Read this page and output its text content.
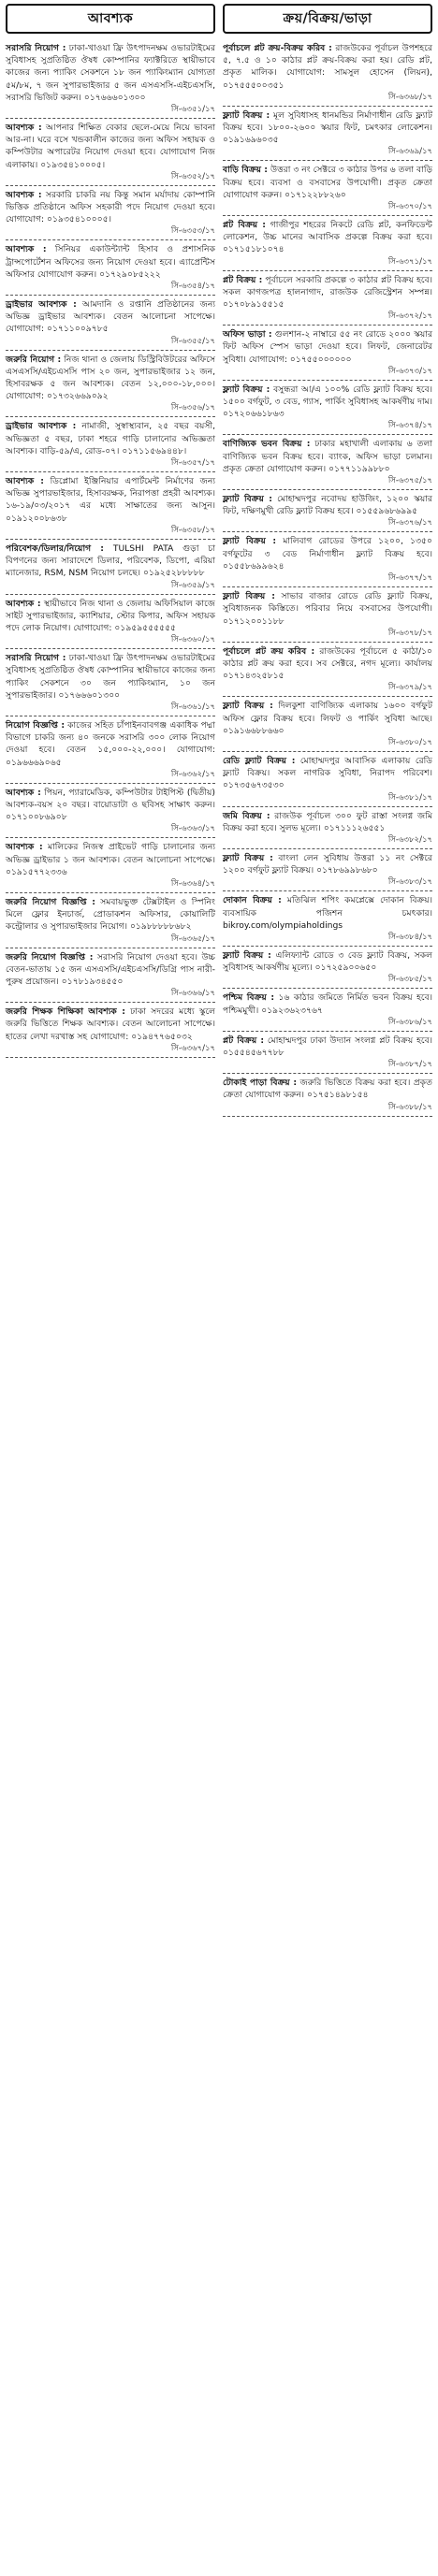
আবশ্যক

সরাসরি নিয়োগ : ঢাকা-খাওয়া ফ্রি উৎপাদনক্ষম ওভারটাইমের সুবিধাসহ সুপ্রতিষ্ঠিত ঔষধ কোম্পানির ফ্যাক্টরিতে স্থায়ীভাবে কাজের জন্য প্যাকিং সেকশনে ১৮ জন প্যাকিংম্যান যোগ্যতা ৫ম/৮ম, ৭ জন সুপারভাইজার ৫ জন এসএসসি-এইচএসসি, সরাসরি ভিজিট করুন। ০১৭৬৬৬০১৩০০
সি-৬৩৫১/১৭

আবশ্যক : আপনার শিক্ষিত বেকার ছেলে-মেয়ে নিয়ে ভাবনা আর-না। ঘরে বসে খন্ডকালীন কাজের জন্য অফিস সহায়ক ও কম্পিউটার অপারেটর নিয়োগ দেওয়া হবে। যোগাযোগ নিজ এলাকায়। ০১৯৩৫৪১০০০৫।
সি-৬৩৫২/১৭

আবশ্যক : সরকারি চাকরি নয় কিন্তু সমান মর্যাদায় কোম্পানি ভিত্তিক প্রতিষ্ঠানে অফিস সহকারী পদে নিয়োগ দেওয়া হবে। যোগাযোগ: ০১৯৩৫৪১০০০৫।
সি-৬৩৫৩/১৭

আবশ্যক : সিনিয়র একাউন্ট্যান্ট হিসাব ও প্রশাসনিক ট্রান্সপোর্টেশন অফিসের জন্য নিয়োগ দেওয়া হবে। এ্যাপ্রেন্টিস অফিসার যোগাযোগ করুন। ০১৭২৯০৮৫২২২
সি-৬৩৫৪/১৭

ড্রাইভার আবশ্যক : আমদানি ও রপ্তানি প্রতিষ্ঠানের জন্য অভিজ্ঞ ড্রাইভার আবশ্যক। বেতন আলোচনা সাপেক্ষে। যোগাযোগ: ০১৭১১০০৯৭৮৫
সি-৬৩৫৫/১৭

জরুরি নিয়োগ : নিজ থানা ও জেলায় ডিস্ট্রিবিউটরের অফিসে এসএসসি/এইচএসসি পাস ২০ জন, সুপারভাইজার ১২ জন, হিসাবরক্ষক ৫ জন আবশ্যক। বেতন ১২,০০০-১৮,০০০। যোগাযোগ: ০১৭৩২৬৬৯০৯২
সি-৬৩৫৬/১৭

ড্রাইভার আবশ্যক : নামাজী, সুস্বাস্থ্যবান, ২৫ বছর বয়সী, অভিজ্ঞতা ৫ বছর, ঢাকা শহরে গাড়ি চালানোর অভিজ্ঞতা আবশ্যক। বাড়ি-৫৯/এ, রোড-০৭। ০১৭১১৫৬৯৪৪৮।
সি-৬৩৫৭/১৭

আবশ্যক : ডিপ্লোমা ইঞ্জিনিয়ার এপার্টমেন্ট নির্মাণের জন্য অভিজ্ঞ সুপারভাইজার, হিসাবরক্ষক, নিরাপত্তা প্রহরী আবশ্যক। ১৬-১৯/০৩/২০১৭ এর মধ্যে সাক্ষাতের জন্য আসুন। ০১৯১২০০৮৬৩৮
সি-৬৩৫৮/১৭

পরিবেশক/ডিলার/নিয়োগ : TULSHI PATA গুড়া চা বিপণনের জন্য সারাদেশে ডিলার, পরিবেশক, ডিপো, এরিয়া ম্যানেজার, RSM, NSM নিয়োগ চলছে। ০১৯২৫২৮৮৮৮৮
সি-৬৩৫৯/১৭

আবশ্যক : স্থায়ীভাবে নিজ থানা ও জেলায় অফিসিয়াল কাজে সাইট সুপারভাইজার, ক্যাশিয়ার, স্টোর কিপার, অফিস সহায়ক পদে লোক নিয়োগ। যোগাযোগ: ০১৯৫৯৫৫৫৫৫৫
সি-৬৩৬০/১৭

সরাসরি নিয়োগ : ঢাকা-খাওয়া ফ্রি উৎপাদনক্ষম ওভারটাইমের সুবিধাসহ সুপ্রতিষ্ঠিত ঔষধ কোম্পানির স্থায়ীভাবে কাজের জন্য প্যাকিং সেকশনে ৩০ জন প্যাকিংম্যান, ১০ জন সুপারভাইজার। ০১৭৬৬৬০১৩০০
সি-৬৩৬১/১৭

নিয়োগ বিজ্ঞপ্তি : কাজের সহিত চাঁপাইনবাবগঞ্জ একাধিক পদ্মা বিভাগে চাকরি জন্য ৪০ জনকে সরাসরি ৩০০ লোক নিয়োগ দেওয়া হবে। বেতন ১৫,০০০-২২,০০০। যোগাযোগ: ০১৯৬৬৬৯০৬৫
সি-৬৩৬২/১৭

আবশ্যক : পিয়ন, প্যারামেডিক, কম্পিউটার টাইপিস্ট (দ্বিতীয়) আবশ্যক-বয়স ২০ বছর। বায়োডাটা ও ছবিসহ সাক্ষাৎ করুন। ০১৭১০০৮৬৯০৮
সি-৬৩৬৩/১৭

আবশ্যক : মালিকের নিজস্ব প্রাইভেট গাড়ি চালানোর জন্য অভিজ্ঞ ড্রাইভার ১ জন আবশ্যক। বেতন আলোচনা সাপেক্ষে। ০১৯১৫৭৭২৩৩৬
সি-৬৩৬৪/১৭

জরুরি নিয়োগ বিজ্ঞপ্তি : সমবায়ভুক্ত টেক্সটাইল ও স্পিনিং মিলে ফ্লোর ইনচার্জ, প্রোডাকশন অফিসার, কোয়ালিটি কন্ট্রোলার ও সুপারভাইজার নিয়োগ। ০১৯৮৮৮৮৮৬৮২
সি-৬৩৬৫/১৭

জরুরি নিয়োগ বিজ্ঞপ্তি : সরাসরি নিয়োগ দেওয়া হবে। উচ্চ বেতন-ভাতায় ১৫ জন এসএসসি/এইচএসসি/ডিগ্রি পাস নারী-পুরুষ প্রয়োজন। ০১৭৮১৯৩৪৫৫০
সি-৬৩৬৬/১৭

জরুরি শিক্ষক শিক্ষিকা আবশ্যক : ঢাকা সদরের মধ্যে স্কুলে জরুরি ভিত্তিতে শিক্ষক আবশ্যক। বেতন আলোচনা সাপেক্ষে। হাতের লেখা দরখাস্ত সহ যোগাযোগ: ০১৯৪৭৭৬৫০৩২
সি-৬৩৬৭/১৭

ক্রয়/বিক্রয়/ভাড়া

পূর্বাচলে প্লট ক্রয়-বিক্রয় করিব : রাজউকের পূর্বাচল উপশহরে ৫, ৭.৫ ও ১০ কাঠার প্লট ক্রয়-বিক্রয় করা হয়। রেডি প্লট, প্রকৃত মালিক। যোগাযোগ: সামসুল হোসেন (লিয়ন), ০১৭৫৫৫০০৩৫১
সি-৬৩৬৮/১৭

ফ্ল্যাট বিক্রয় : মূল সুবিধাসহ ধানমন্ডির নির্মাণাধীন রেডি ফ্ল্যাট বিক্রয় হবে। ১৮০০-২৬০০ স্কয়ার ফিট, চমৎকার লোকেশন। ০১৯১৬৯৬০৩৫
সি-৬৩৬৯/১৭

বাড়ি বিক্রয় : উত্তরা ৩ নং সেক্টরে ৩ কাঠার উপর ৬ তলা বাড়ি বিক্রয় হবে। ব্যবসা ও বসবাসের উপযোগী। প্রকৃত ক্রেতা যোগাযোগ করুন। ০১৭১২২৮৮২৬০
সি-৬৩৭০/১৭

প্লট বিক্রয় : গাজীপুর শহরের নিকটে রেডি প্লট, কনফিডেন্ট লোকেশন, উচ্চ মানের আবাসিক প্রকল্পে বিক্রয় করা হবে। ০১৭১৫১৮১০৭৪
সি-৬৩৭১/১৭

প্লট বিক্রয় : পূর্বাচলে সরকারি প্রকল্পে ৩ কাঠার প্লট বিক্রয় হবে। সকল কাগজপত্র হালনাগাদ, রাজউক রেজিস্ট্রেশন সম্পন্ন। ০১৭০৮৯১৫৫১৫
সি-৬৩৭২/১৭

অফিস ভাড়া : গুলশান-২ নাম্বারে ৫৫ নং রোডে ২০০০ স্কয়ার ফিট অফিস স্পেস ভাড়া দেওয়া হবে। লিফট, জেনারেটর সুবিধা। যোগাযোগ: ০১৭৫৫০০০০০০
সি-৬৩৭৩/১৭

ফ্ল্যাট বিক্রয় : বসুন্ধরা আ/এ ১০০% রেডি ফ্ল্যাট বিক্রয় হবে। ১৫০০ বর্গফুট, ৩ বেড, গ্যাস, পার্কিং সুবিধাসহ আকর্ষণীয় দাম। ০১৭২০৬৬১৮৬৩
সি-৬৩৭৪/১৭

বাণিজ্যিক ভবন বিক্রয় : ঢাকার মহাখালী এলাকায় ৬ তলা বাণিজ্যিক ভবন বিক্রয় হবে। ব্যাংক, অফিস ভাড়া চলমান। প্রকৃত ক্রেতা যোগাযোগ করুন। ০১৭৭১১৯৯৮৮০
সি-৬৩৭৫/১৭

ফ্ল্যাট বিক্রয় : মোহাম্মদপুর নবোদয় হাউজিং, ১২০০ স্কয়ার ফিট, দক্ষিণমুখী রেডি ফ্ল্যাট বিক্রয় হবে। ০১৫৫৯৬৮৬৯৯৫
সি-৬৩৭৬/১৭

ফ্ল্যাট বিক্রয় : মালিবাগ রোডের উপরে ১২০০, ১৩৫০ বর্গফুটের ৩ বেড নির্মাণাধীন ফ্ল্যাট বিক্রয় হবে। ০১৫৫৮৬৯৯৬২৪
সি-৬৩৭৭/১৭

ফ্ল্যাট বিক্রয় : সাভার বাজার রোডে রেডি ফ্ল্যাট বিক্রয়, সুবিধাজনক কিস্তিতে। পরিবার নিয়ে বসবাসের উপযোগী। ০১৭১২০০১১৮৮
সি-৬৩৭৮/১৭

পূর্বাচলে প্লট ক্রয় করিব : রাজউকের পূর্বাচলে ৫ কাঠা/১০ কাঠার প্লট ক্রয় করা হবে। সব সেক্টরে, নগদ মূল্যে। কার্যালয় ০১৭১৪৩২৫৮১৫
সি-৬৩৭৯/১৭

ফ্ল্যাট বিক্রয় : দিলকুশা বাণিজ্যিক এলাকায় ১৬০০ বর্গফুট অফিস ফ্লোর বিক্রয় হবে। লিফট ও পার্কিং সুবিধা আছে। ০১৯১৬৬৮৮৬৬০
সি-৬৩৮০/১৭

রেডি ফ্ল্যাট বিক্রয় : মোহাম্মদপুর আবাসিক এলাকায় রেডি ফ্ল্যাট বিক্রয়। সকল নাগরিক সুবিধা, নিরাপদ পরিবেশ। ০১৭৩৫৬৭৩৫৩০
সি-৬৩৮১/১৭

জমি বিক্রয় : রাজউক পূর্বাচল ৩০০ ফুট রাস্তা সংলগ্ন জমি বিক্রয় করা হবে। সুলভ মূল্যে। ০১৭১১১২৬৫৫১
সি-৬৩৮২/১৭

ফ্ল্যাট বিক্রয় : বাংলা লেন সুবিধায় উত্তরা ১১ নং সেক্টরে ১২০০ বর্গফুট ফ্ল্যাট বিক্রয়। ০১৭৮৬৯৯৮৬৮০
সি-৬৩৮৩/১৭

দোকান বিক্রয় : মতিঝিল শপিং কমপ্লেক্সে দোকান বিক্রয়। ব্যবসায়িক পজিশন চমৎকার। bikroy.com/olympiaholdings
সি-৬৩৮৪/১৭

ফ্ল্যাট বিক্রয় : এলিফ্যান্ট রোডে ৩ বেড ফ্ল্যাট বিক্রয়, সকল সুবিধাসহ আকর্ষণীয় মূল্যে। ০১৭২৫৯০০৬৫০
সি-৬৩৮৫/১৭

পশ্চিম বিক্রয় : ১৬ কাঠার জমিতে নির্মিত ভবন বিক্রয় হবে। পশ্চিমমুখী। ০১৯২৩৬২৩৭৬৭
সি-৬৩৮৬/১৭

প্লট বিক্রয় : মোহাম্মদপুর ঢাকা উদ্যান সংলগ্ন প্লট বিক্রয় হবে। ০১৫৫৪৫৬৭৭৮৮
সি-৬৩৮৭/১৭

টোকাই পাড়া বিক্রয় : জরুরি ভিত্তিতে বিক্রয় করা হবে। প্রকৃত ক্রেতা যোগাযোগ করুন। ০১৭৫১৪৯৮১৫৪
সি-৬৩৮৮/১৭
